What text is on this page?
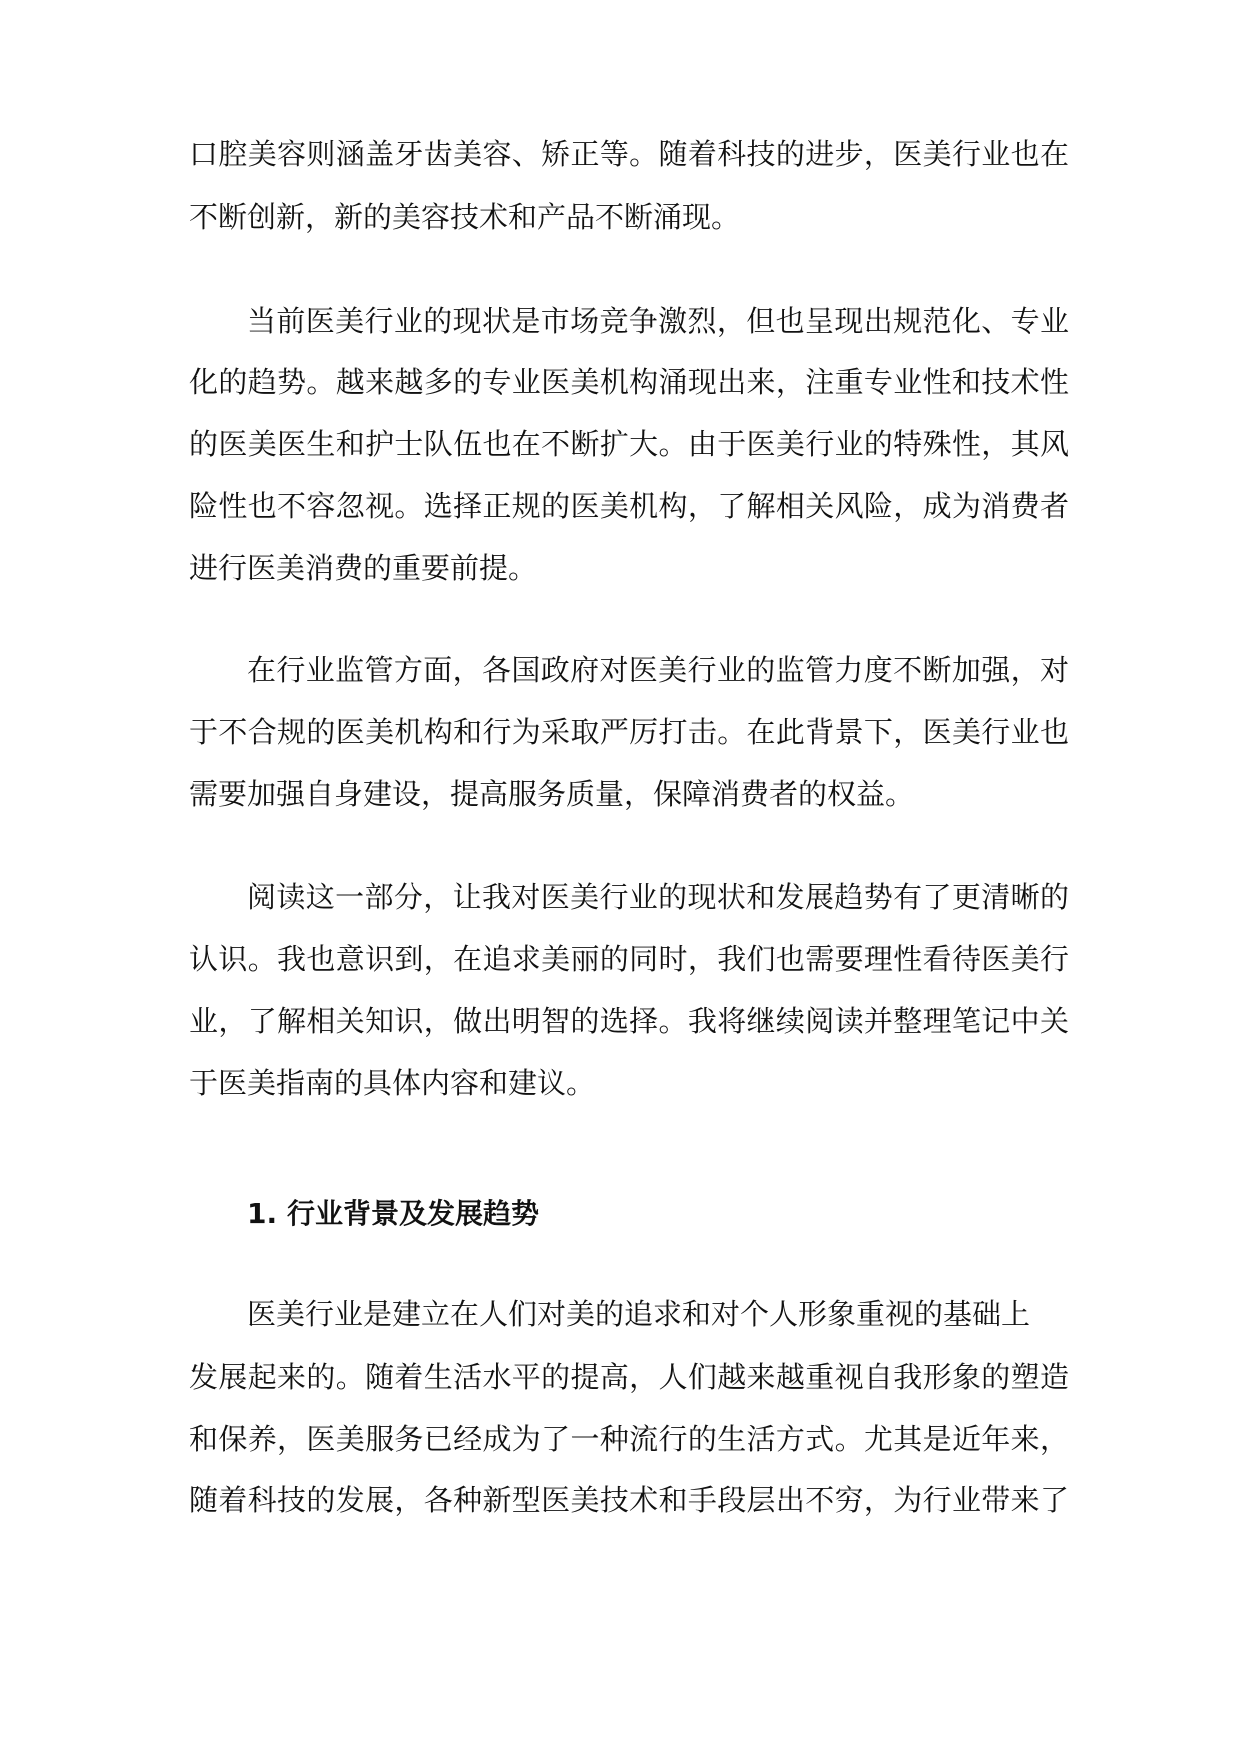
口腔美容则涵盖牙齿美容、矫正等。随着科技的进步，医美行业也在
不断创新，新的美容技术和产品不断涌现。
当前医美行业的现状是市场竞争激烈，但也呈现出规范化、专业
化的趋势。越来越多的专业医美机构涌现出来，注重专业性和技术性
的医美医生和护士队伍也在不断扩大。由于医美行业的特殊性，其风
险性也不容忽视。选择正规的医美机构，了解相关风险，成为消费者
进行医美消费的重要前提。
在行业监管方面，各国政府对医美行业的监管力度不断加强，对
于不合规的医美机构和行为采取严厉打击。在此背景下，医美行业也
需要加强自身建设，提高服务质量，保障消费者的权益。
阅读这一部分，让我对医美行业的现状和发展趋势有了更清晰的
认识。我也意识到，在追求美丽的同时，我们也需要理性看待医美行
业，了解相关知识，做出明智的选择。我将继续阅读并整理笔记中关
于医美指南的具体内容和建议。
1. 行业背景及发展趋势
医美行业是建立在人们对美的追求和对个人形象重视的基础上
发展起来的。随着生活水平的提高，人们越来越重视自我形象的塑造
和保养，医美服务已经成为了一种流行的生活方式。尤其是近年来，
随着科技的发展，各种新型医美技术和手段层出不穷，为行业带来了
